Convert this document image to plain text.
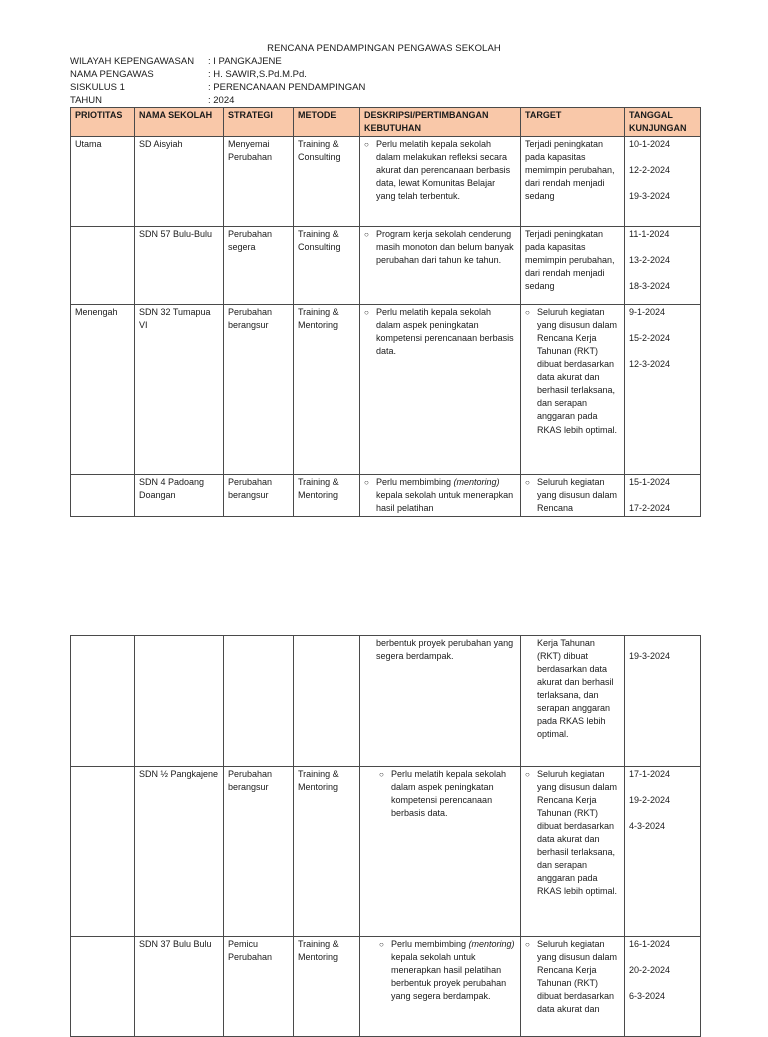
RENCANA PENDAMPINGAN PENGAWAS SEKOLAH
WILAYAH KEPENGAWASAN	: I PANGKAJENE
NAMA PENGAWAS	: H. SAWIR,S.Pd.M.Pd.
SISKULUS 1	: PERENCANAAN PENDAMPINGAN
TAHUN	: 2024
PRIOTITAS	NAMA SEKOLAH	STRATEGI	METODE	DESKRIPSI/PERTIMBANGAN KEBUTUHAN	TARGET	TANGGAL KUNJUNGAN
Utama	SD Aisyiah	Menyemai Perubahan	Training & Consulting	○ Perlu melatih kepala sekolah dalam melakukan refleksi secara akurat dan perencanaan berbasis data, lewat Komunitas Belajar yang telah terbentuk.	Terjadi peningkatan pada kapasitas memimpin perubahan, dari rendah menjadi sedang	10-1-2024
12-2-2024
19-3-2024

	SDN 57 Bulu-Bulu	Perubahan segera	Training & Consulting	○ Program kerja sekolah cenderung masih monoton dan belum banyak perubahan dari tahun ke tahun.	Terjadi peningkatan pada kapasitas memimpin perubahan, dari rendah menjadi sedang	11-1-2024
13-2-2024
18-3-2024

Menengah	SDN 32 Tumapua VI	Perubahan berangsur	Training & Mentoring	○ Perlu melatih kepala sekolah dalam aspek peningkatan kompetensi perencanaan berbasis data.	○ Seluruh kegiatan yang disusun dalam Rencana Kerja Tahunan (RKT) dibuat berdasarkan data akurat dan berhasil terlaksana, dan serapan anggaran pada RKAS lebih optimal.	9-1-2024
15-2-2024
12-3-2024

	SDN 4 Padoang Doangan	Perubahan berangsur	Training & Mentoring	○ Perlu membimbing (mentoring) kepala sekolah untuk menerapkan hasil pelatihan	○ Seluruh kegiatan yang disusun dalam Rencana	15-1-2024
17-2-2024

				berbentuk proyek perubahan yang segera berdampak.	Kerja Tahunan (RKT) dibuat berdasarkan data akurat dan berhasil terlaksana, dan serapan anggaran pada RKAS lebih optimal.	19-3-2024

	SDN ½ Pangkajene	Perubahan berangsur	Training & Mentoring	○ Perlu melatih kepala sekolah dalam aspek peningkatan kompetensi perencanaan berbasis data.	○ Seluruh kegiatan yang disusun dalam Rencana Kerja Tahunan (RKT) dibuat berdasarkan data akurat dan berhasil terlaksana, dan serapan anggaran pada RKAS lebih optimal.	17-1-2024
19-2-2024
4-3-2024

	SDN 37 Bulu Bulu	Pemicu Perubahan	Training & Mentoring	○ Perlu membimbing (mentoring) kepala sekolah untuk menerapkan hasil pelatihan berbentuk proyek perubahan yang segera berdampak.	○ Seluruh kegiatan yang disusun dalam Rencana Kerja Tahunan (RKT) dibuat berdasarkan data akurat dan	16-1-2024
20-2-2024
6-3-2024
